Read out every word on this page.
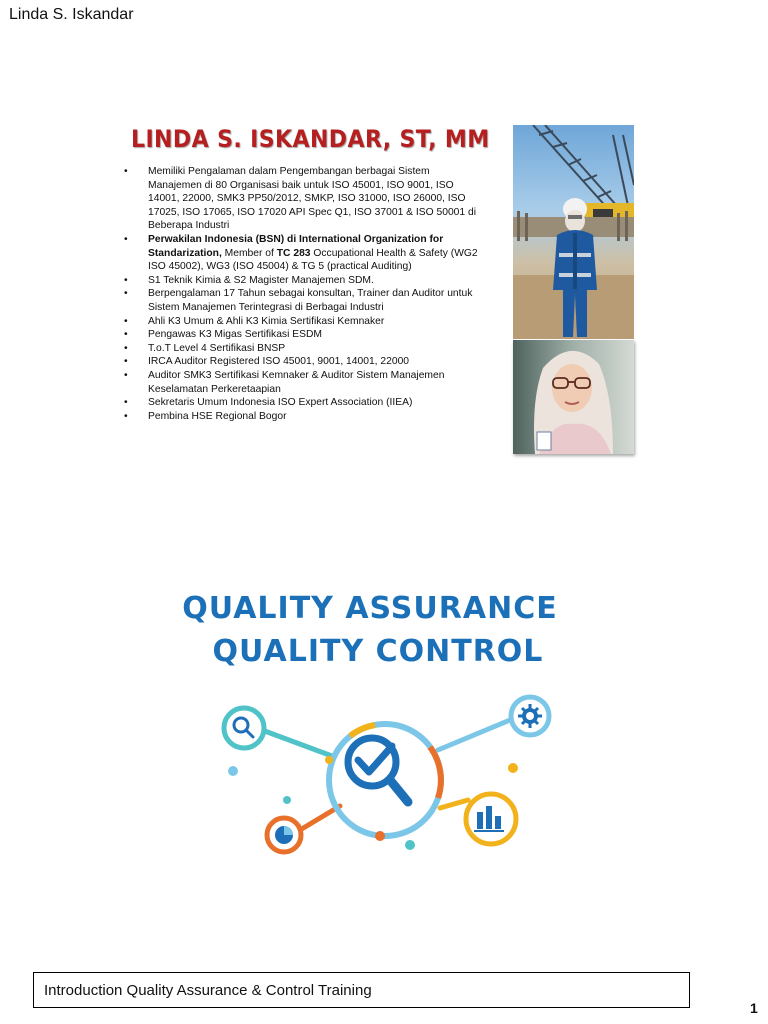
Linda S. Iskandar
LINDA S. ISKANDAR, ST, MM
• Memiliki Pengalaman dalam Pengembangan berbagai Sistem Manajemen di 80 Organisasi baik untuk ISO 45001, ISO 9001, ISO 14001, 22000, SMK3 PP50/2012, SMKP, ISO 31000, ISO 26000, ISO 17025, ISO 17065, ISO 17020 API Spec Q1, ISO 37001 & ISO 50001 di Beberapa Industri
• Perwakilan Indonesia (BSN) di International Organization for Standarization, Member of TC 283 Occupational Health & Safety (WG2 ISO 45002), WG3 (ISO 45004) & TG 5 (practical Auditing)
• S1 Teknik Kimia & S2 Magister Manajemen SDM.
• Berpengalaman 17 Tahun sebagai konsultan, Trainer dan Auditor untuk Sistem Manajemen Terintegrasi di Berbagai Industri
• Ahli K3 Umum & Ahli K3 Kimia Sertifikasi Kemnaker
• Pengawas K3 Migas Sertifikasi ESDM
• T.o.T Level 4 Sertifikasi BNSP
• IRCA Auditor Registered ISO 45001, 9001, 14001, 22000
• Auditor SMK3 Sertifikasi Kemnaker & Auditor Sistem Manajemen Keselamatan Perkeretaapian
• Sekretaris Umum Indonesia ISO Expert Association (IIEA)
• Pembina HSE Regional Bogor
QUALITY ASSURANCE
QUALITY CONTROL
Introduction Quality Assurance & Control Training
1
